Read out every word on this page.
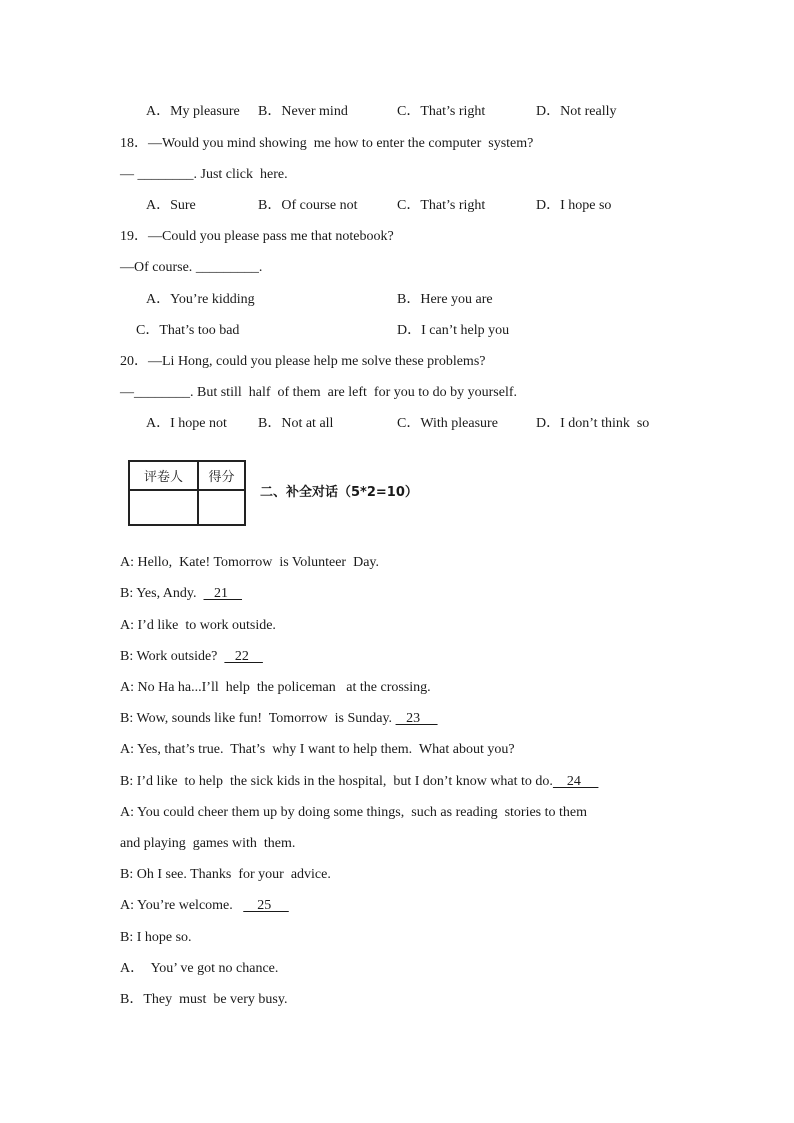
A．My pleasure B．Never mind	C．That’s right	D．Not really
18．—Would you mind showing  me how to enter the computer  system?
— ________. Just click  here.
A．Sure	B．Of course not	C．That’s right	D．I hope so
19．—Could you please pass me that notebook?
—Of course. _________.
A．You’re kidding	B．Here you are
C．That’s too bad	D．I can’t help you
20．—Li Hong, could you please help me solve these problems?
—________. But still  half  of them  are left  for you to do by yourself.
A．I hope not B．Not at all	C．With pleasure	D．I don’t think  so
评卷人	得分

二、补全对话（5*2=10）
A: Hello,  Kate! Tomorrow  is Volunteer  Day.
B: Yes, Andy.     21
A: I’d like  to work outside.
B: Work outside?     22
A: No Ha ha...I’ll  help  the policeman   at the crossing.
B: Wow, sounds like fun!  Tomorrow  is Sunday.    23
A: Yes, that’s true.  That’s  why I want to help them.  What about you?
B: I’d like  to help  the sick kids in the hospital,  but I don’t know what to do.    24
A: You could cheer them up by doing some things,  such as reading  stories to them
and playing  games with  them.
B: Oh I see. Thanks  for your  advice.
A: You’re welcome.       25
B: I hope so.
A．  You’ ve got no chance.
B．They  must  be very busy.
